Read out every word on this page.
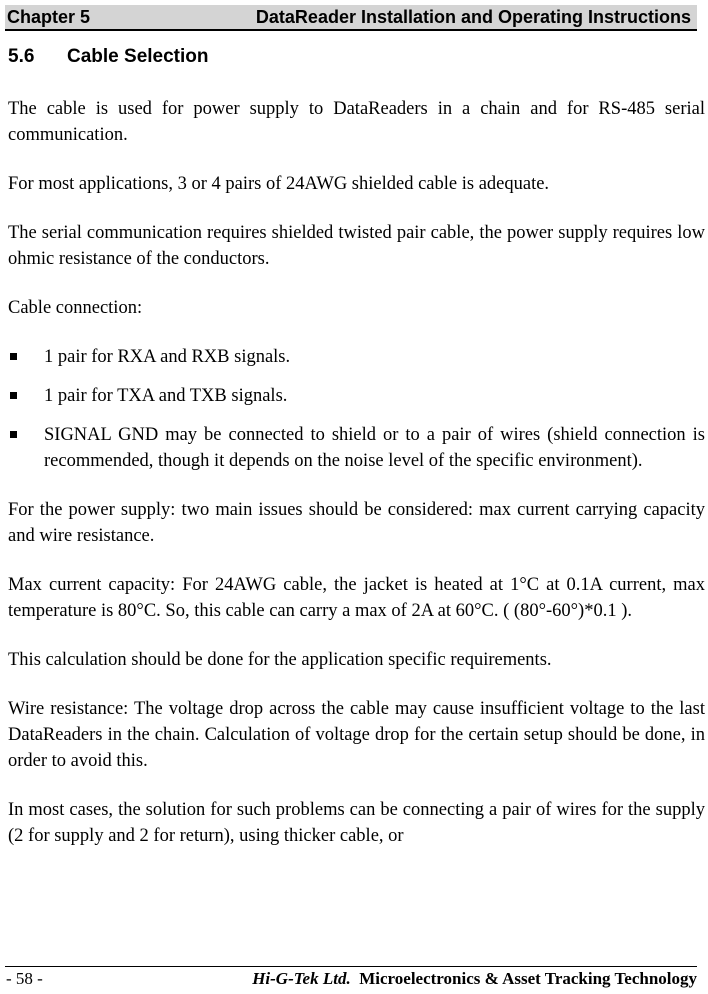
Chapter 5	DataReader Installation and Operating Instructions
5.6 Cable Selection

The cable is used for power supply to DataReaders in a chain and for RS-485 serial communication.

For most applications, 3 or 4 pairs of 24AWG shielded cable is adequate.

The serial communication requires shielded twisted pair cable, the power supply requires low ohmic resistance of the conductors.

Cable connection:

1 pair for RXA and RXB signals.
1 pair for TXA and TXB signals.
SIGNAL GND may be connected to shield or to a pair of wires (shield connection is recommended, though it depends on the noise level of the specific environment).

For the power supply: two main issues should be considered: max current carrying capacity and wire resistance.

Max current capacity: For 24AWG cable, the jacket is heated at 1°C at 0.1A current, max temperature is 80°C. So, this cable can carry a max of 2A at 60°C. ( (80°-60°)*0.1 ).

This calculation should be done for the application specific requirements.

Wire resistance: The voltage drop across the cable may cause insufficient voltage to the last DataReaders in the chain. Calculation of voltage drop for the certain setup should be done, in order to avoid this.

In most cases, the solution for such problems can be connecting a pair of wires for the supply (2 for supply and 2 for return), using thicker cable, or

- 58 -	Hi-G-Tek Ltd. Microelectronics & Asset Tracking Technology
